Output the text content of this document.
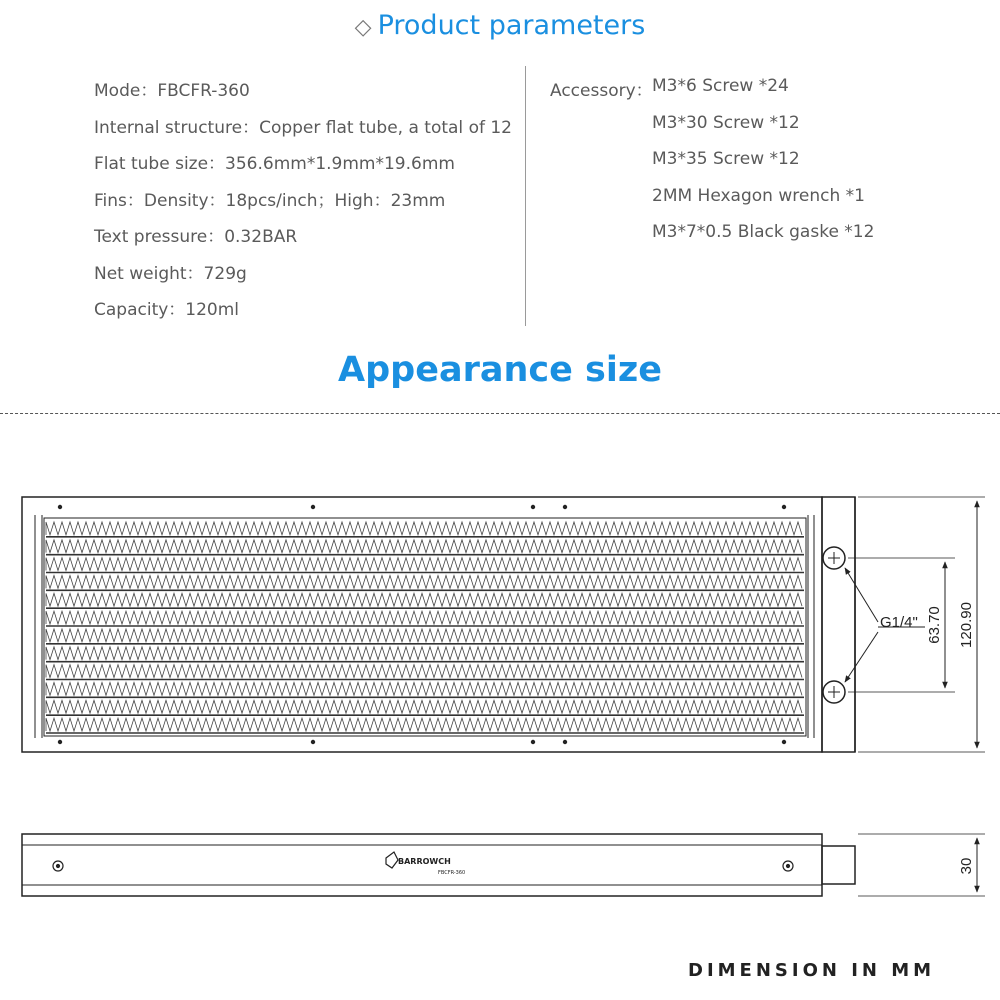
◇ Product parameters
Mode：FBCFR-360
Internal structure：Copper flat tube, a total of 12
Flat tube size：356.6mm*1.9mm*19.6mm
Fins：Density：18pcs/inch；High：23mm
Text pressure：0.32BAR
Net weight：729g
Capacity：120ml
Accessory： M3*6 Screw *24
M3*30 Screw *12
M3*35 Screw *12
2MM Hexagon wrench *1
M3*7*0.5 Black gaske *12
Appearance size
G1/4" 63.70 120.90
30
BARROWCH
FBCFR-360
DIMENSION IN MM
